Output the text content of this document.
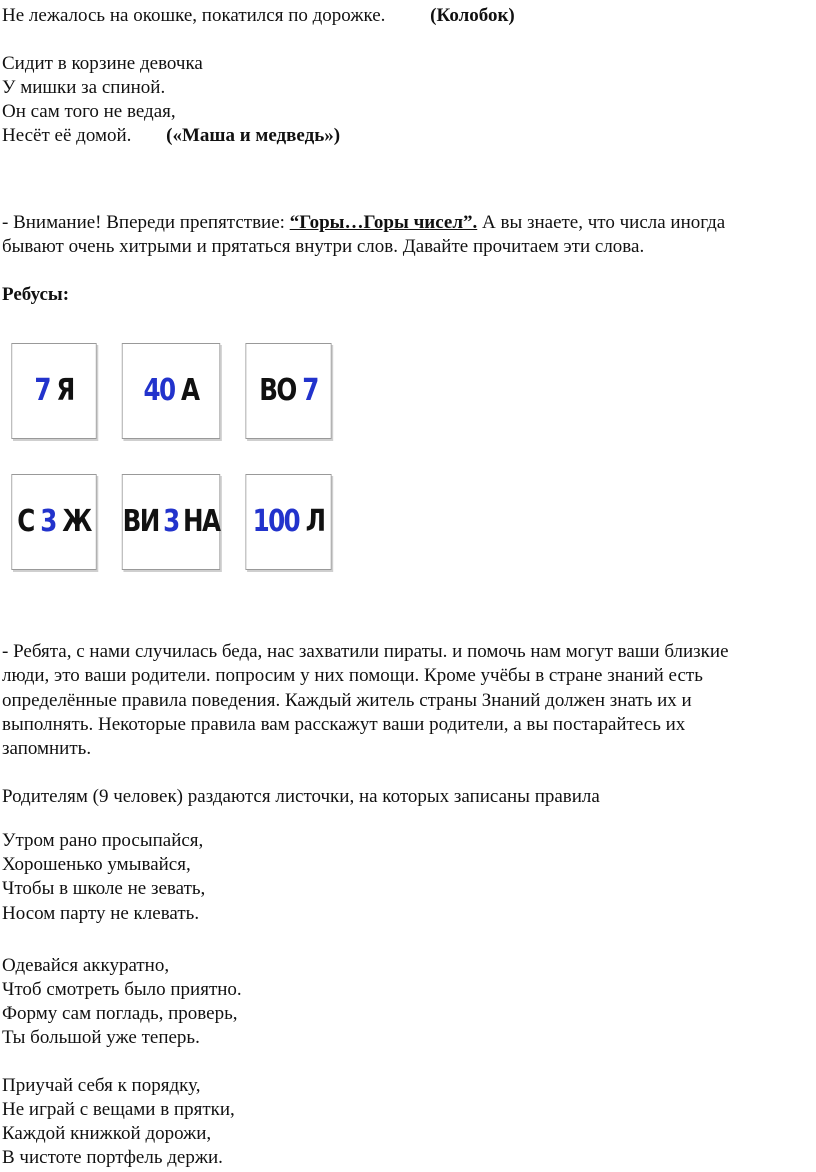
Не лежалось на окошке, покатился по дорожке. (Колобок)
Сидит в корзине девочка
У мишки за спиной.
Он сам того не ведая,
Несёт её домой. («Маша и медведь»)
- Внимание! Впереди препятствие: “Горы…Горы чисел”. А вы знаете, что числа иногда
бывают очень хитрыми и прятаться внутри слов. Давайте прочитаем эти слова.
Ребусы:
7 Я 40 А ВО 7
С 3 Ж ВИ 3 НА 100 Л
- Ребята, с нами случилась беда, нас захватили пираты. и помочь нам могут ваши близкие
люди, это ваши родители. попросим у них помощи. Кроме учёбы в стране знаний есть
определённые правила поведения. Каждый житель страны Знаний должен знать их и
выполнять. Некоторые правила вам расскажут ваши родители, а вы постарайтесь их
запомнить.
Родителям (9 человек) раздаются листочки, на которых записаны правила
Утром рано просыпайся,
Хорошенько умывайся,
Чтобы в школе не зевать,
Носом парту не клевать.
Одевайся аккуратно,
Чтоб смотреть было приятно.
Форму сам погладь, проверь,
Ты большой уже теперь.
Приучай себя к порядку,
Не играй с вещами в прятки,
Каждой книжкой дорожи,
В чистоте портфель держи.
